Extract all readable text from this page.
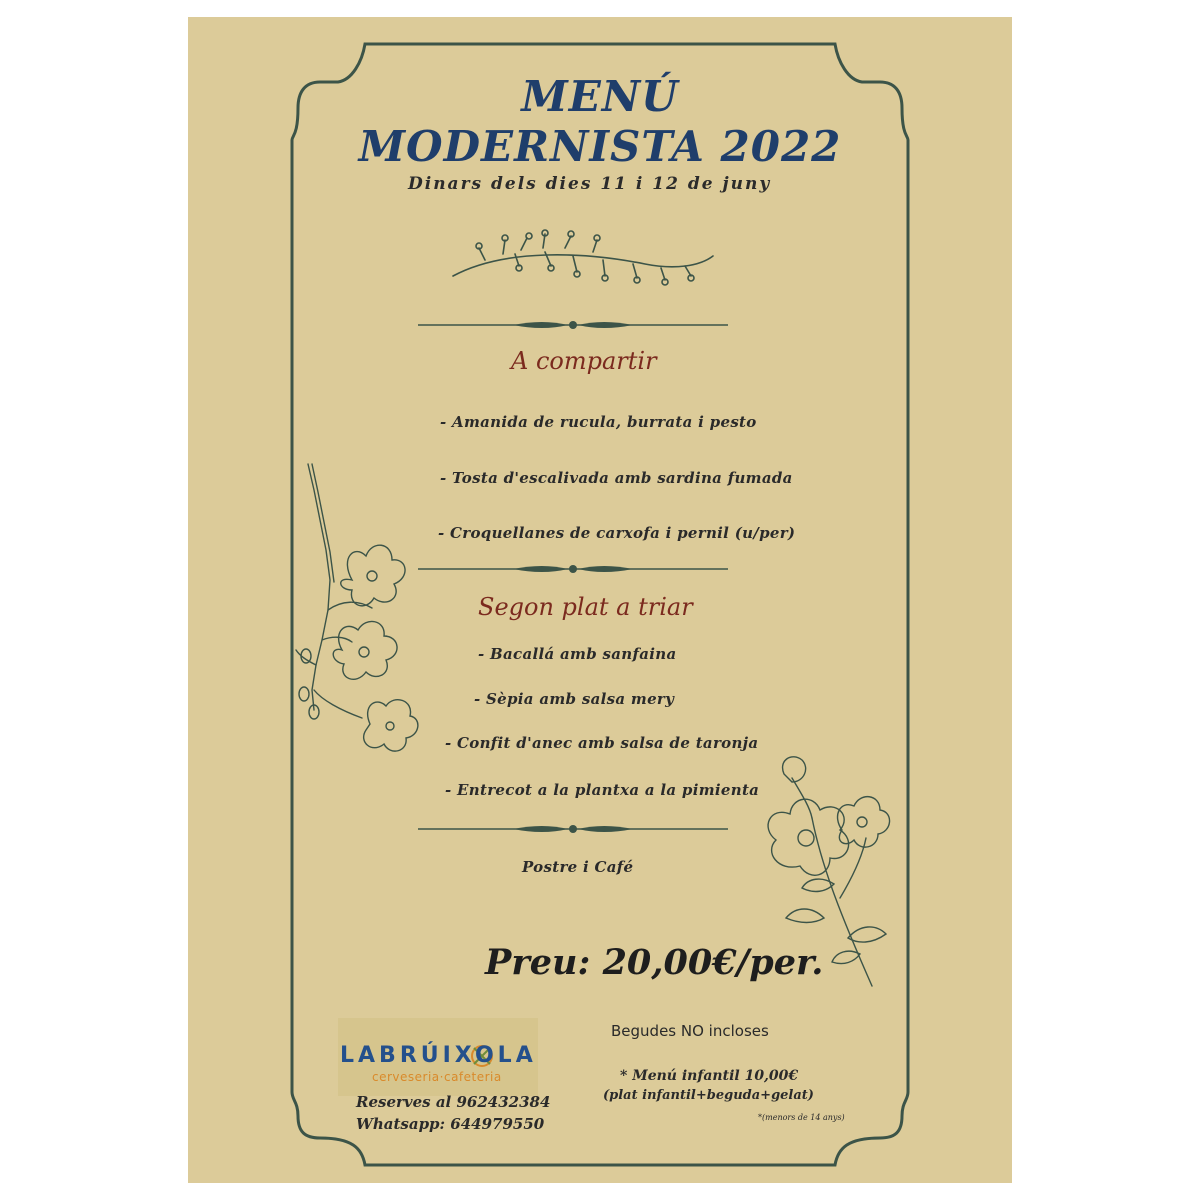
MENÚ
MODERNISTA 2022
Dinars dels dies 11 i 12 de juny
A compartir
- Amanida de rucula, burrata i pesto
- Tosta d'escalivada amb sardina fumada
- Croquellanes de carxofa i pernil (u/per)
Segon plat a triar
- Bacallá amb sanfaina
- Sèpia amb salsa mery
- Confit d'anec amb salsa de taronja
- Entrecot a la plantxa a la pimienta
Postre i Café
Preu: 20,00€/per.
LABRÚIXOLA
cerveseria·cafeteria
Reserves al 962432384
Whatsapp: 644979550
Begudes NO incloses
* Menú infantil 10,00€
(plat infantil+beguda+gelat)
*(menors de 14 anys)
